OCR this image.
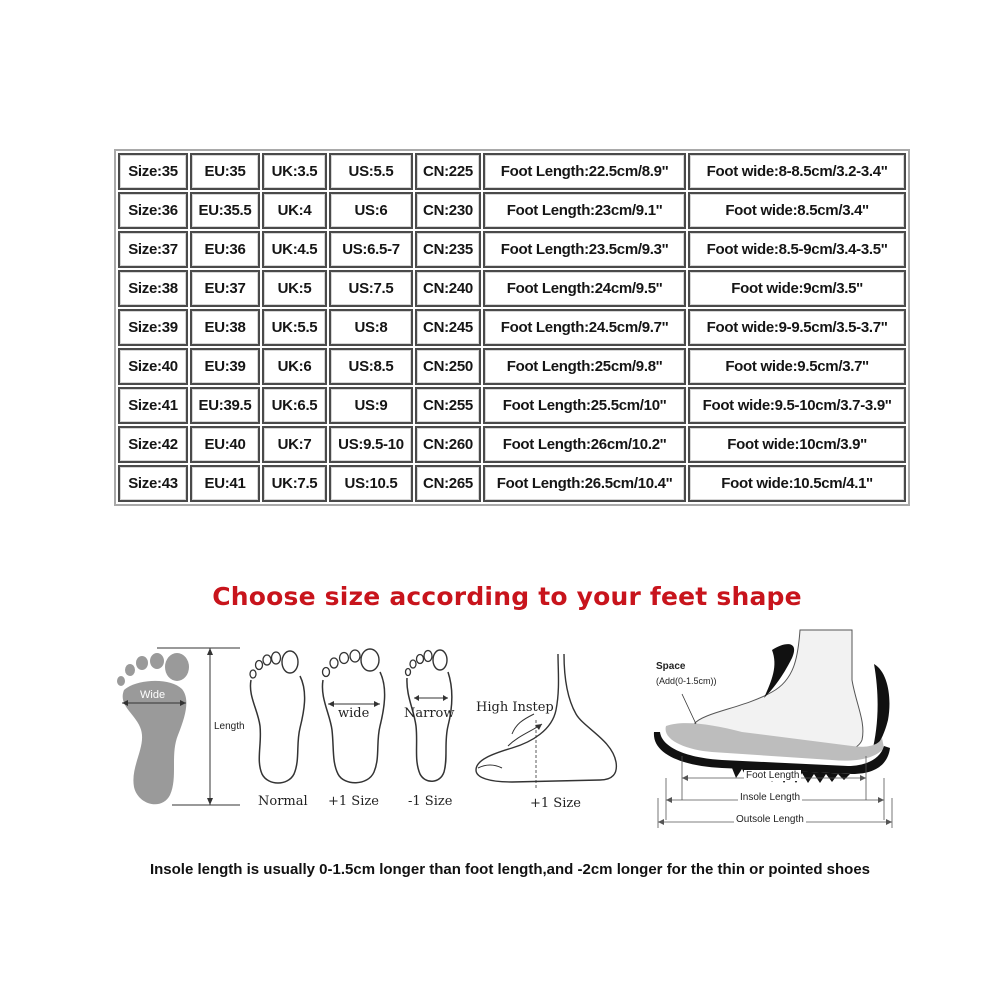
Size:35	EU:35	UK:3.5	US:5.5	CN:225	Foot Length:22.5cm/8.9''	Foot wide:8-8.5cm/3.2-3.4''
Size:36	EU:35.5	UK:4	US:6	CN:230	Foot Length:23cm/9.1''	Foot wide:8.5cm/3.4''
Size:37	EU:36	UK:4.5	US:6.5-7	CN:235	Foot Length:23.5cm/9.3''	Foot wide:8.5-9cm/3.4-3.5''
Size:38	EU:37	UK:5	US:7.5	CN:240	Foot Length:24cm/9.5''	Foot wide:9cm/3.5''
Size:39	EU:38	UK:5.5	US:8	CN:245	Foot Length:24.5cm/9.7''	Foot wide:9-9.5cm/3.5-3.7''
Size:40	EU:39	UK:6	US:8.5	CN:250	Foot Length:25cm/9.8''	Foot wide:9.5cm/3.7''
Size:41	EU:39.5	UK:6.5	US:9	CN:255	Foot Length:25.5cm/10''	Foot wide:9.5-10cm/3.7-3.9''
Size:42	EU:40	UK:7	US:9.5-10	CN:260	Foot Length:26cm/10.2''	Foot wide:10cm/3.9''
Size:43	EU:41	UK:7.5	US:10.5	CN:265	Foot Length:26.5cm/10.4''	Foot wide:10.5cm/4.1''
Choose size according to your feet shape
Wide
Length
Normal
wide
+1 Size
Narrow
-1 Size
High Instep
+1 Size
Space
(Add(0-1.5cm))
Foot Length
Insole Length
Outsole Length
Insole length is usually 0-1.5cm longer than foot length,and -2cm longer for the thin or pointed shoes
